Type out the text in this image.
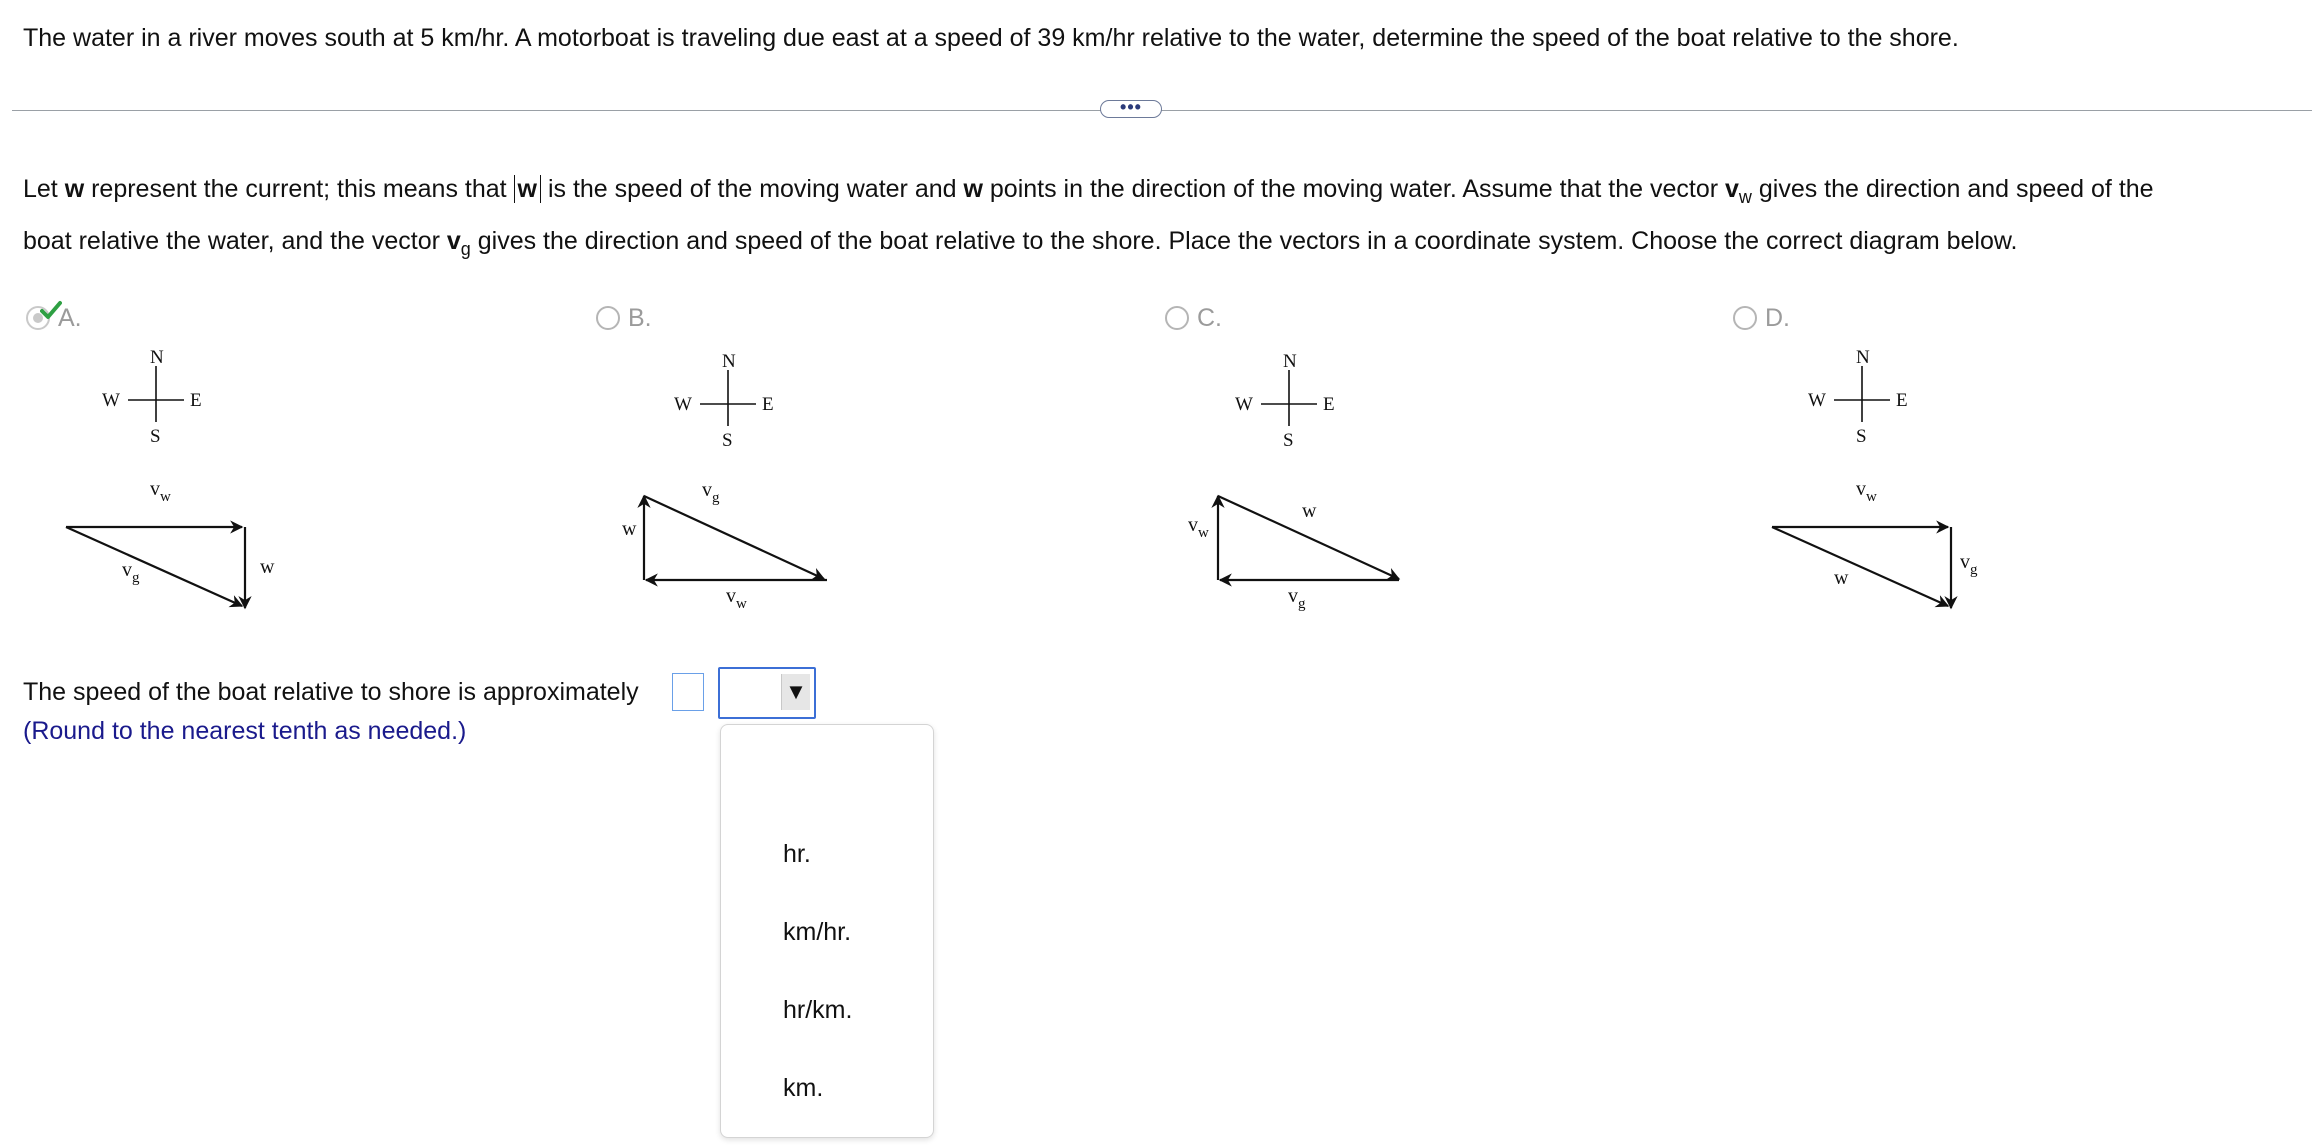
The water in a river moves south at 5 km/hr. A motorboat is traveling due east at a speed of 39 km/hr relative to the water, determine the speed of the boat relative to the shore.
•••
Let w represent the current; this means that w is the speed of the moving water and w points in the direction of the moving water. Assume that the vector $v_w$ gives the direction and speed of the
boat relative the water, and the vector $v_g$ gives the direction and speed of the boat relative to the shore. Place the vectors in a coordinate system. Choose the correct diagram below.
A.	B.	C.	D.
N
S
E
W
$v_w$
w
$v_g$
N
S
E
W
w
$v_g$
$v_w$
N
S
E
W
$v_w$
w
$v_g$
N
S
E
W
$v_w$
$v_g$
w
The speed of the boat relative to shore is approximately	▼
(Round to the nearest tenth as needed.)
hr.
km/hr.
hr/km.
km.
